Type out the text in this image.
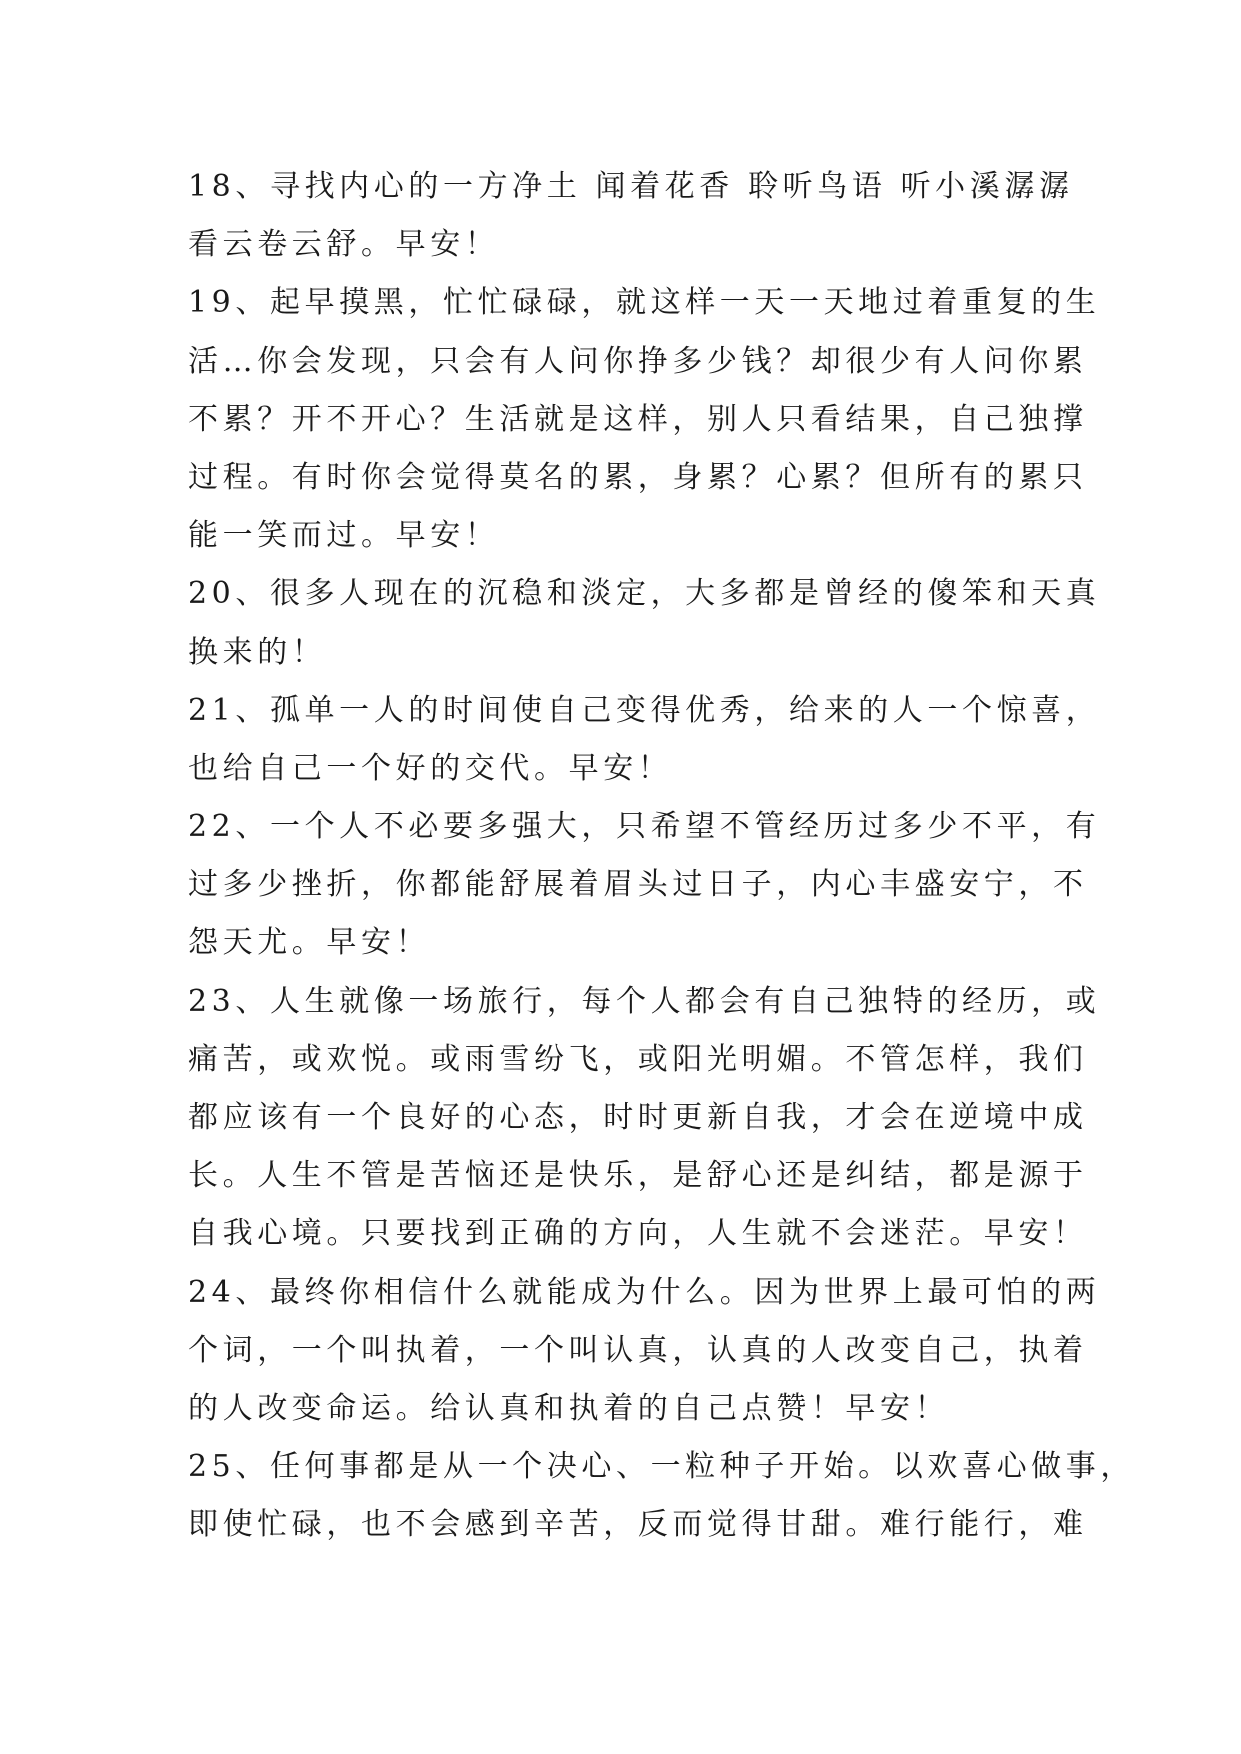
18、寻找内心的一方净土 闻着花香 聆听鸟语 听小溪潺潺
看云卷云舒。早安！
19、起早摸黑，忙忙碌碌，就这样一天一天地过着重复的生
活…你会发现，只会有人问你挣多少钱？却很少有人问你累
不累？开不开心？生活就是这样，别人只看结果，自己独撑
过程。有时你会觉得莫名的累，身累？心累？但所有的累只
能一笑而过。早安！
20、很多人现在的沉稳和淡定，大多都是曾经的傻笨和天真
换来的！
21、孤单一人的时间使自己变得优秀，给来的人一个惊喜，
也给自己一个好的交代。早安！
22、一个人不必要多强大，只希望不管经历过多少不平，有
过多少挫折，你都能舒展着眉头过日子，内心丰盛安宁，不
怨天尤。早安！
23、人生就像一场旅行，每个人都会有自己独特的经历，或
痛苦，或欢悦。或雨雪纷飞，或阳光明媚。不管怎样，我们
都应该有一个良好的心态，时时更新自我，才会在逆境中成
长。人生不管是苦恼还是快乐，是舒心还是纠结，都是源于
自我心境。只要找到正确的方向，人生就不会迷茫。早安！
24、最终你相信什么就能成为什么。因为世界上最可怕的两
个词，一个叫执着，一个叫认真，认真的人改变自己，执着
的人改变命运。给认真和执着的自己点赞！早安！
25、任何事都是从一个决心、一粒种子开始。以欢喜心做事，
即使忙碌，也不会感到辛苦，反而觉得甘甜。难行能行，难
